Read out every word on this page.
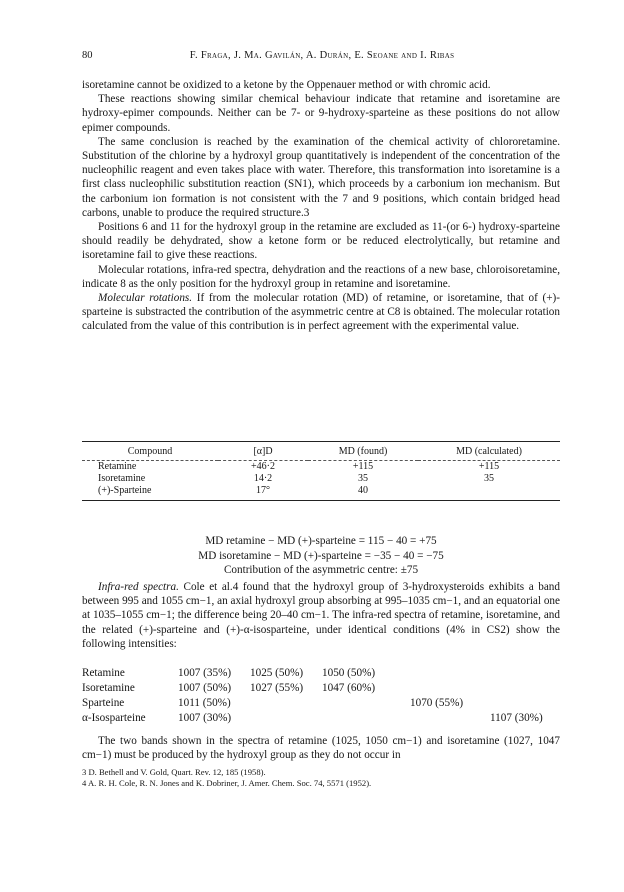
80	F. Fraga, J. Ma. Gavilán, A. Durán, E. Seoane and I. Ribas

isoretamine cannot be oxidized to a ketone by the Oppenauer method or with chromic acid.

These reactions showing similar chemical behaviour indicate that retamine and isoretamine are hydroxy-epimer compounds. Neither can be 7- or 9-hydroxy-sparteine as these positions do not allow epimer compounds.

The same conclusion is reached by the examination of the chemical activity of chlororetamine. Substitution of the chlorine by a hydroxyl group quantitatively is independent of the concentration of the nucleophilic reagent and even takes place with water. Therefore, this transformation into isoretamine is a first class nucleophilic substitution reaction (SN1), which proceeds by a carbonium ion mechanism. But the carbonium ion formation is not consistent with the 7 and 9 positions, which contain bridged head carbons, unable to produce the required structure.3

Positions 6 and 11 for the hydroxyl group in the retamine are excluded as 11-(or 6-) hydroxy-sparteine should readily be dehydrated, show a ketone form or be reduced electrolytically, but retamine and isoretamine fail to give these reactions.

Molecular rotations, infra-red spectra, dehydration and the reactions of a new base, chloroisoretamine, indicate 8 as the only position for the hydroxyl group in retamine and isoretamine.

Molecular rotations. If from the molecular rotation (MD) of retamine, or isoretamine, that of (+)-sparteine is substracted the contribution of the asymmetric centre at C8 is obtained. The molecular rotation calculated from the value of this contribution is in perfect agreement with the experimental value.

Compound	[α]D	MD (found)	MD (calculated)
Retamine	+46·2	+115	+115
Isoretamine	14·2	35	35
(+)-Sparteine	17°	40	
MD retamine − MD (+)-sparteine = 115 − 40 = +75
MD isoretamine − MD (+)-sparteine = −35 − 40 = −75
Contribution of the asymmetric centre: ±75

Infra-red spectra. Cole et al.4 found that the hydroxyl group of 3-hydroxysteroids exhibits a band between 995 and 1055 cm−1, an axial hydroxyl group absorbing at 995–1035 cm−1, and an equatorial one at 1035–1055 cm−1; the difference being 20–40 cm−1. The infra-red spectra of retamine, isoretamine, and the related (+)-sparteine and (+)-α-isosparteine, under identical conditions (4% in CS2) show the following intensities:

Retamine	1007 (35%) 1025 (50%) 1050 (50%)
Isoretamine	1007 (50%) 1027 (55%) 1047 (60%)
Sparteine	1011 (50%)	1070 (55%)
α-Isosparteine	1007 (30%)	1107 (30%)

The two bands shown in the spectra of retamine (1025, 1050 cm−1) and isoretamine (1027, 1047 cm−1) must be produced by the hydroxyl group as they do not occur in

3 D. Bethell and V. Gold, Quart. Rev. 12, 185 (1958).
4 A. R. H. Cole, R. N. Jones and K. Dobriner, J. Amer. Chem. Soc. 74, 5571 (1952).
